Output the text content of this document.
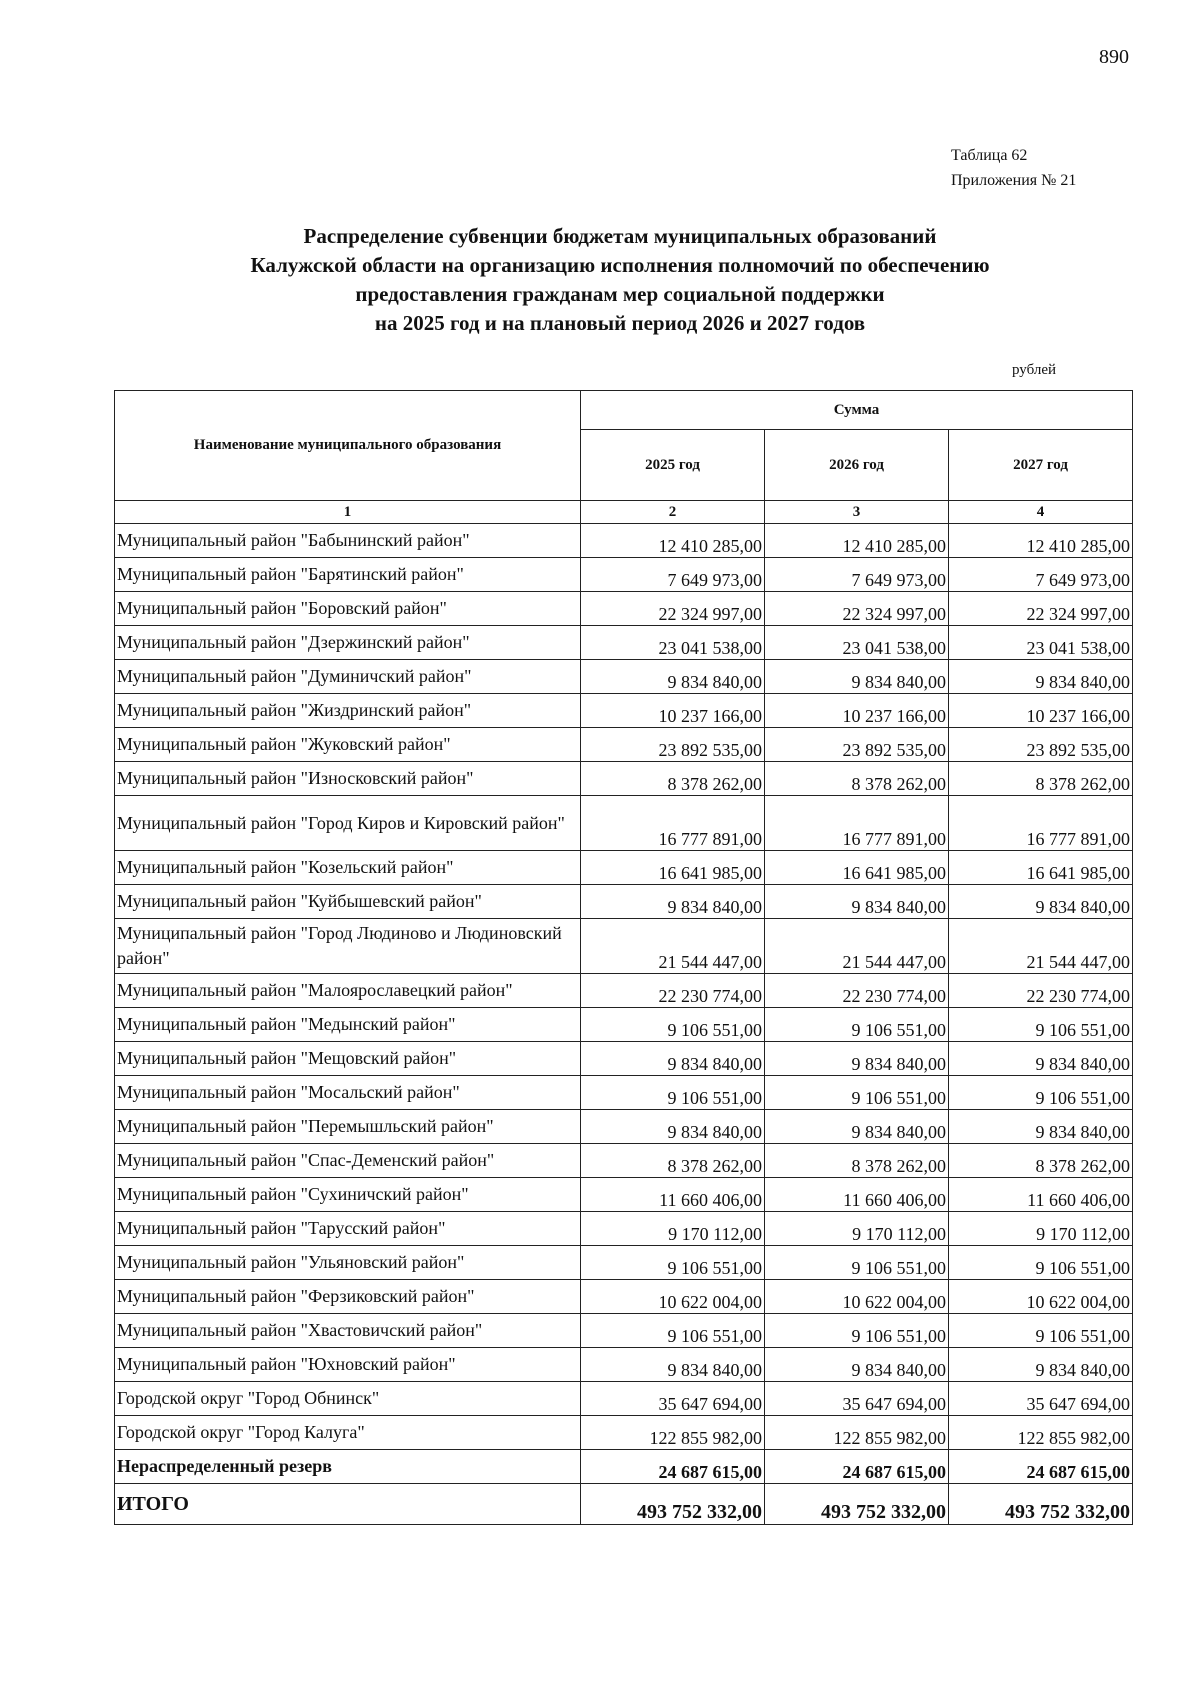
890
Таблица 62
Приложения № 21
Распределение субвенции бюджетам муниципальных образований
Калужской области на организацию исполнения полномочий по обеспечению
предоставления гражданам мер социальной поддержки
на 2025 год и на плановый период 2026 и 2027 годов
рублей
Наименование муниципального образования	Сумма		
	2025 год	2026 год	2027 год
1	2	3	4
Муниципальный район "Бабынинский район"	12 410 285,00	12 410 285,00	12 410 285,00
Муниципальный район "Барятинский район"	7 649 973,00	7 649 973,00	7 649 973,00
Муниципальный район "Боровский район"	22 324 997,00	22 324 997,00	22 324 997,00
Муниципальный район "Дзержинский район"	23 041 538,00	23 041 538,00	23 041 538,00
Муниципальный район "Думиничский район"	9 834 840,00	9 834 840,00	9 834 840,00
Муниципальный район "Жиздринский район"	10 237 166,00	10 237 166,00	10 237 166,00
Муниципальный район "Жуковский район"	23 892 535,00	23 892 535,00	23 892 535,00
Муниципальный район "Износковский район"	8 378 262,00	8 378 262,00	8 378 262,00
Муниципальный район "Город Киров и Кировский район"	16 777 891,00	16 777 891,00	16 777 891,00
Муниципальный район "Козельский район"	16 641 985,00	16 641 985,00	16 641 985,00
Муниципальный район "Куйбышевский район"	9 834 840,00	9 834 840,00	9 834 840,00
Муниципальный район "Город Людиново и Людиновский район"	21 544 447,00	21 544 447,00	21 544 447,00
Муниципальный район "Малоярославецкий район"	22 230 774,00	22 230 774,00	22 230 774,00
Муниципальный район "Медынский район"	9 106 551,00	9 106 551,00	9 106 551,00
Муниципальный район "Мещовский район"	9 834 840,00	9 834 840,00	9 834 840,00
Муниципальный район "Мосальский район"	9 106 551,00	9 106 551,00	9 106 551,00
Муниципальный район "Перемышльский район"	9 834 840,00	9 834 840,00	9 834 840,00
Муниципальный район "Спас-Деменский район"	8 378 262,00	8 378 262,00	8 378 262,00
Муниципальный район "Сухиничский район"	11 660 406,00	11 660 406,00	11 660 406,00
Муниципальный район "Тарусский район"	9 170 112,00	9 170 112,00	9 170 112,00
Муниципальный район "Ульяновский район"	9 106 551,00	9 106 551,00	9 106 551,00
Муниципальный район "Ферзиковский район"	10 622 004,00	10 622 004,00	10 622 004,00
Муниципальный район "Хвастовичский район"	9 106 551,00	9 106 551,00	9 106 551,00
Муниципальный район "Юхновский район"	9 834 840,00	9 834 840,00	9 834 840,00
Городской округ "Город Обнинск"	35 647 694,00	35 647 694,00	35 647 694,00
Городской округ "Город Калуга"	122 855 982,00	122 855 982,00	122 855 982,00
Нераспределенный резерв	24 687 615,00	24 687 615,00	24 687 615,00
ИТОГО	493 752 332,00	493 752 332,00	493 752 332,00
